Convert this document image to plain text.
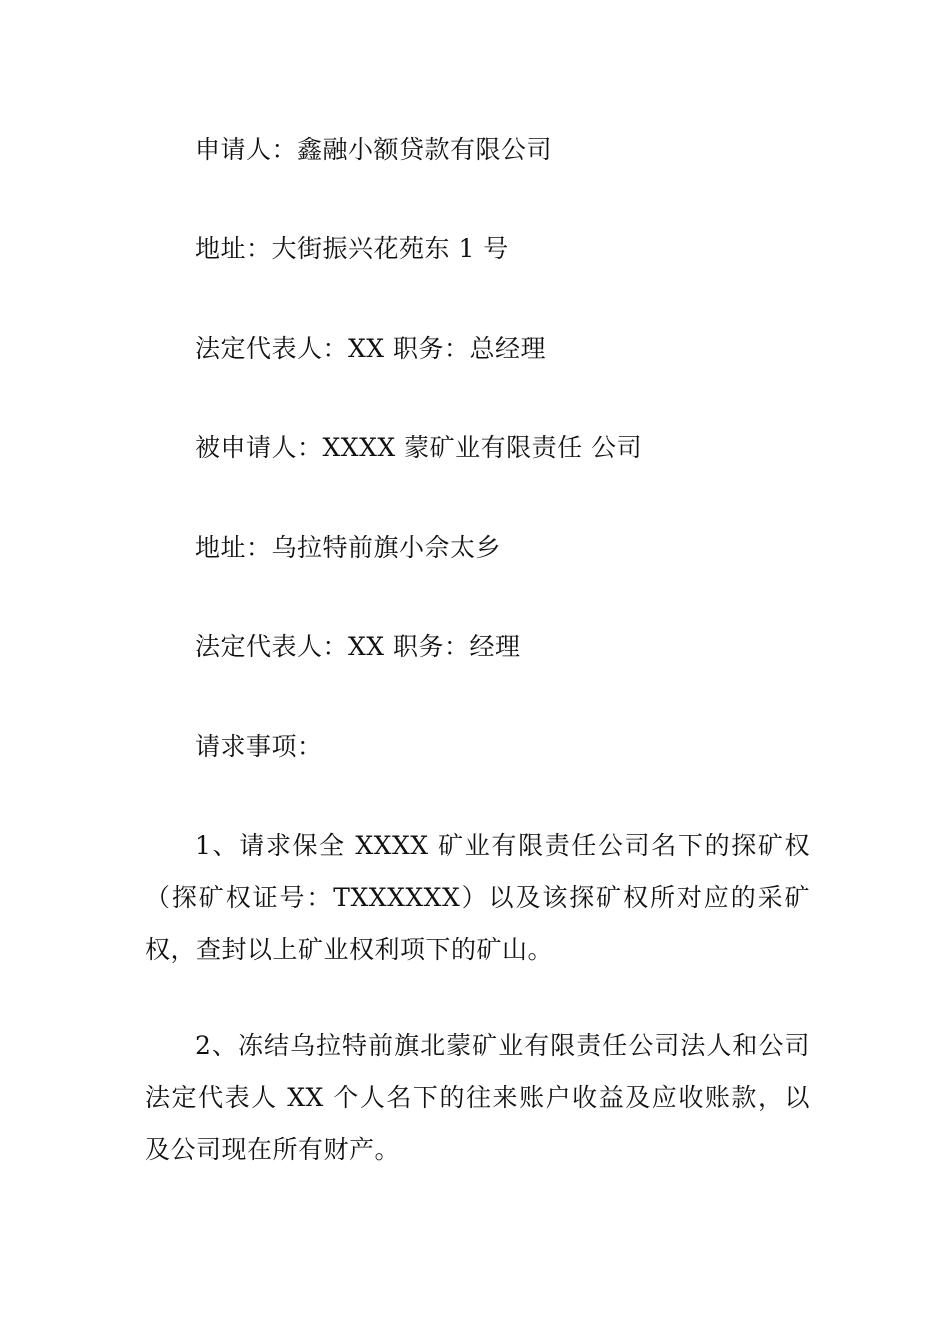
申请人：鑫融小额贷款有限公司
地址：大街振兴花苑东 1 号
法定代表人：XX 职务：总经理
被申请人：XXXX 蒙矿业有限责任 公司
地址：乌拉特前旗小佘太乡
法定代表人：XX 职务：经理
请求事项：
1、请求保全 XXXX 矿业有限责任公司名下的探矿权（探矿权证号：TXXXXXX）以及该探矿权所对应的采矿权，查封以上矿业权利项下的矿山。
2、冻结乌拉特前旗北蒙矿业有限责任公司法人和公司法定代表人 XX 个人名下的往来账户收益及应收账款，以及公司现在所有财产。
